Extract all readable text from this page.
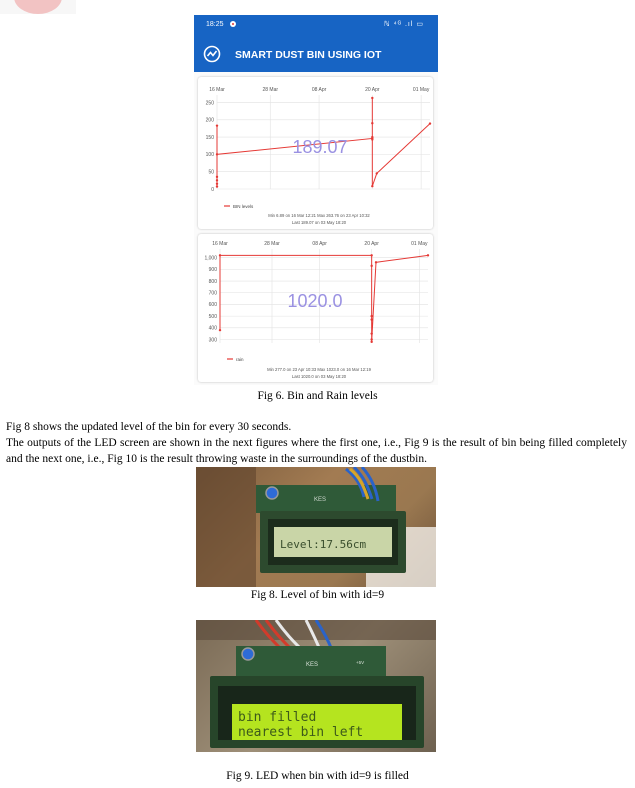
18:25	ℕ ⁴ᴳ .ıl ▭
SMART DUST BIN USING IOT
16 Mar	28 Mar	08 Apr	20 Apr	01 May
0
50
100
150
200
250
189.07
BIN levels
Min 6.89 on 16 Mar 12:21 Max 263.76 on 23 Apr 10:32
Last 189.07 on 03 May 18:20
16 Mar	28 Mar	08 Apr	20 Apr	01 May
300
400
500
600
700
800
900
1,000
1020.0
rain
Min 277.0 on 23 Apr 10:33 Max 1023.0 on 16 Mar 12:19
Last 1020.0 on 03 May 18:20
Fig 6. Bin and Rain levels
Fig 8 shows the updated level of the bin for every 30 seconds.
The outputs of the LED screen are shown in the next figures where the first one, i.e., Fig 9 is the result of bin being filled completely and the next one, i.e., Fig 10 is the result throwing waste in the surroundings of the dustbin.
Level:17.56cm
KES
Fig 8. Level of bin with id=9
KES	+5V
bin filled
nearest bin left
Fig 9. LED when bin with id=9 is filled
